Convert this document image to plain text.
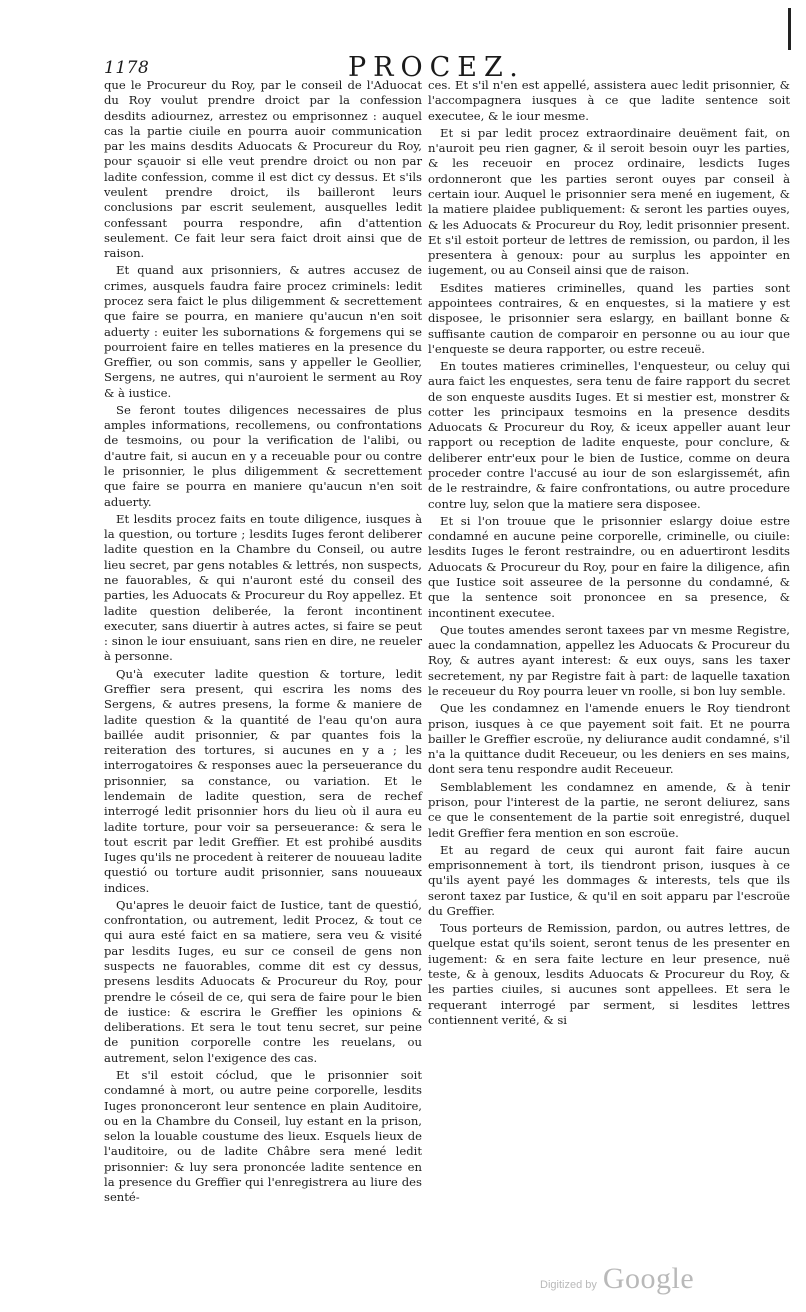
1178	PROCEZ.

que le Procureur du Roy, par le conseil de l'Aduocat du Roy voulut prendre droict par la confession desdits adiournez, arrestez ou emprisonnez : auquel cas la partie ciuile en pourra auoir communication par les mains desdits Aduocats & Procureur du Roy, pour sçauoir si elle veut prendre droict ou non par ladite confession, comme il est dict cy dessus. Et s'ils veulent prendre droict, ils bailleront leurs conclusions par escrit seulement, ausquelles ledit confessant pourra respondre, afin d'attention seulement. Ce fait leur sera faict droit ainsi que de raison.

Et quand aux prisonniers, & autres accusez de crimes, ausquels faudra faire procez criminels: ledit procez sera faict le plus diligemment & secrettement que faire se pourra, en maniere qu'aucun n'en soit aduerty : euiter les subornations & forgemens qui se pourroient faire en telles matieres en la presence du Greffier, ou son commis, sans y appeller le Geollier, Sergens, ne autres, qui n'auroient le serment au Roy & à iustice.

Se feront toutes diligences necessaires de plus amples informations, recollemens, ou confrontations de tesmoins, ou pour la verification de l'alibi, ou d'autre fait, si aucun en y a receuable pour ou contre le prisonnier, le plus diligemment & secrettement que faire se pourra en maniere qu'aucun n'en soit aduerty.

Et lesdits procez faits en toute diligence, iusques à la question, ou torture ; lesdits Iuges feront deliberer ladite question en la Chambre du Conseil, ou autre lieu secret, par gens notables & lettrés, non suspects, ne fauorables, & qui n'auront esté du conseil des parties, les Aduocats & Procureur du Roy appellez. Et ladite question deliberée, la feront incontinent executer, sans diuertir à autres actes, si faire se peut : sinon le iour ensuiuant, sans rien en dire, ne reueler à personne.

Qu'à executer ladite question & torture, ledit Greffier sera present, qui escrira les noms des Sergens, & autres presens, la forme & maniere de ladite question & la quantité de l'eau qu'on aura baillée audit prisonnier, & par quantes fois la reiteration des tortures, si aucunes en y a ; les interrogatoires & responses auec la perseuerance du prisonnier, sa constance, ou variation. Et le lendemain de ladite question, sera de rechef interrogé ledit prisonnier hors du lieu où il aura eu ladite torture, pour voir sa perseuerance: & sera le tout escrit par ledit Greffier. Et est prohibé ausdits Iuges qu'ils ne procedent à reiterer de nouueau ladite questió ou torture audit prisonnier, sans nouueaux indices.

Qu'apres le deuoir faict de Iustice, tant de questió, confrontation, ou autrement, ledit Procez, & tout ce qui aura esté faict en sa matiere, sera veu & visité par lesdits Iuges, eu sur ce conseil de gens non suspects ne fauorables, comme dit est cy dessus, presens lesdits Aduocats & Procureur du Roy, pour prendre le cóseil de ce, qui sera de faire pour le bien de iustice: & escrira le Greffier les opinions & deliberations. Et sera le tout tenu secret, sur peine de punition corporelle contre les reuelans, ou autrement, selon l'exigence des cas.

Et s'il estoit cóclud, que le prisonnier soit condamné à mort, ou autre peine corporelle, lesdits Iuges prononceront leur sentence en plain Auditoire, ou en la Chambre du Conseil, luy estant en la prison, selon la louable coustume des lieux. Esquels lieux de l'auditoire, ou de ladite Châbre sera mené ledit prisonnier: & luy sera prononcée ladite sentence en la presence du Greffier qui l'enregistrera au liure des senté-

ces. Et s'il n'en est appellé, assistera auec ledit prisonnier, & l'accompagnera iusques à ce que ladite sentence soit executee, & le iour mesme.

Et si par ledit procez extraordinaire deuëment fait, on n'auroit peu rien gagner, & il seroit besoin ouyr les parties, & les receuoir en procez ordinaire, lesdicts Iuges ordonneront que les parties seront ouyes par conseil à certain iour. Auquel le prisonnier sera mené en iugement, & la matiere plaidee publiquement: & seront les parties ouyes, & les Aduocats & Procureur du Roy, ledit prisonnier present. Et s'il estoit porteur de lettres de remission, ou pardon, il les presentera à genoux: pour au surplus les appointer en iugement, ou au Conseil ainsi que de raison.

Esdites matieres criminelles, quand les parties sont appointees contraires, & en enquestes, si la matiere y est disposee, le prisonnier sera eslargy, en baillant bonne & suffisante caution de comparoir en personne ou au iour que l'enqueste se deura rapporter, ou estre receuë.

En toutes matieres criminelles, l'enquesteur, ou celuy qui aura faict les enquestes, sera tenu de faire rapport du secret de son enqueste ausdits Iuges. Et si mestier est, monstrer & cotter les principaux tesmoins en la presence desdits Aduocats & Procureur du Roy, & iceux appeller auant leur rapport ou reception de ladite enqueste, pour conclure, & deliberer entr'eux pour le bien de Iustice, comme on deura proceder contre l'accusé au iour de son eslargissemét, afin de le restraindre, & faire confrontations, ou autre procedure contre luy, selon que la matiere sera disposee.

Et si l'on trouue que le prisonnier eslargy doiue estre condamné en aucune peine corporelle, criminelle, ou ciuile: lesdits Iuges le feront restraindre, ou en aduertiront lesdits Aduocats & Procureur du Roy, pour en faire la diligence, afin que Iustice soit asseuree de la personne du condamné, & que la sentence soit prononcee en sa presence, & incontinent executee.

Que toutes amendes seront taxees par vn mesme Registre, auec la condamnation, appellez les Aduocats & Procureur du Roy, & autres ayant interest: & eux ouys, sans les taxer secretement, ny par Registre fait à part: de laquelle taxation le receueur du Roy pourra leuer vn roolle, si bon luy semble.

Que les condamnez en l'amende enuers le Roy tiendront prison, iusques à ce que payement soit fait. Et ne pourra bailler le Greffier escroüe, ny deliurance audit condamné, s'il n'a la quittance dudit Receueur, ou les deniers en ses mains, dont sera tenu respondre audit Receueur.

Semblablement les condamnez en amende, & à tenir prison, pour l'interest de la partie, ne seront deliurez, sans ce que le consentement de la partie soit enregistré, duquel ledit Greffier fera mention en son escroüe.

Et au regard de ceux qui auront fait faire aucun emprisonnement à tort, ils tiendront prison, iusques à ce qu'ils ayent payé les dommages & interests, tels que ils seront taxez par Iustice, & qu'il en soit apparu par l'escroüe du Greffier.

Tous porteurs de Remission, pardon, ou autres lettres, de quelque estat qu'ils soient, seront tenus de les presenter en iugement: & en sera faite lecture en leur presence, nuë teste, & à genoux, lesdits Aduocats & Procureur du Roy, & les parties ciuiles, si aucunes sont appellees. Et sera le requerant interrogé par serment, si lesdites lettres contiennent verité, & si

Digitized by Google
